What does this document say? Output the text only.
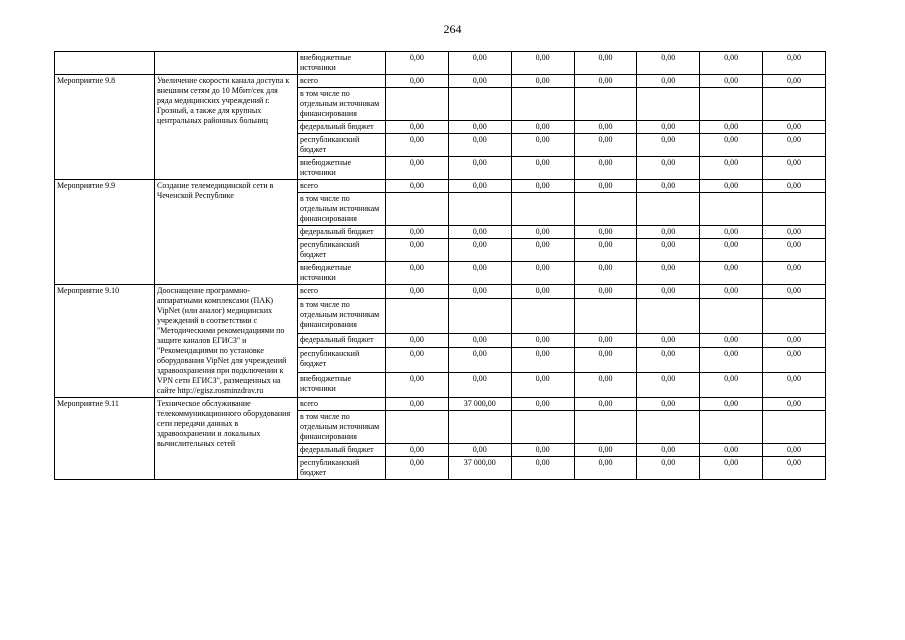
264
		внебюджетные источники	0,00	0,00	0,00	0,00	0,00	0,00	0,00
Мероприятие 9.8	Увеличение скорости канала доступа к внешним сетям до 10 Мбит/сек для ряда медицинских учреждений г. Грозный, а также для крупных центральных районных больниц	всего	0,00	0,00	0,00	0,00	0,00	0,00	0,00
		в том числе по отдельным источникам финансирования							
		федеральный бюджет	0,00	0,00	0,00	0,00	0,00	0,00	0,00
		республиканский бюджет	0,00	0,00	0,00	0,00	0,00	0,00	0,00
		внебюджетные источники	0,00	0,00	0,00	0,00	0,00	0,00	0,00
Мероприятие 9.9	Создание телемедицинской сети в Чеченской Республике	всего	0,00	0,00	0,00	0,00	0,00	0,00	0,00
		в том числе по отдельным источникам финансирования							
		федеральный бюджет	0,00	0,00	0,00	0,00	0,00	0,00	0,00
		республиканский бюджет	0,00	0,00	0,00	0,00	0,00	0,00	0,00
		внебюджетные источники	0,00	0,00	0,00	0,00	0,00	0,00	0,00
Мероприятие 9.10	Дооснащение программно-аппаратными комплексами (ПАК) VipNet (или аналог) медицинских учреждений в соответствии с "Методическими рекомендациями по защите каналов ЕГИСЗ" и "Рекомендациями по установке оборудования VipNet для учреждений здравоохранения при подключении к VPN сети ЕГИСЗ", размещенных на сайте http://egisz.rosminzdrav.ru	всего	0,00	0,00	0,00	0,00	0,00	0,00	0,00
		в том числе по отдельным источникам финансирования							
		федеральный бюджет	0,00	0,00	0,00	0,00	0,00	0,00	0,00
		республиканский бюджет	0,00	0,00	0,00	0,00	0,00	0,00	0,00
		внебюджетные источники	0,00	0,00	0,00	0,00	0,00	0,00	0,00
Мероприятие 9.11	Техническое обслуживание телекоммуникационного оборудования сети передачи данных в здравоохранении и локальных вычислительных сетей	всего	0,00	37 000,00	0,00	0,00	0,00	0,00	0,00
		в том числе по отдельным источникам финансирования							
		федеральный бюджет	0,00	0,00	0,00	0,00	0,00	0,00	0,00
		республиканский бюджет	0,00	37 000,00	0,00	0,00	0,00	0,00	0,00
